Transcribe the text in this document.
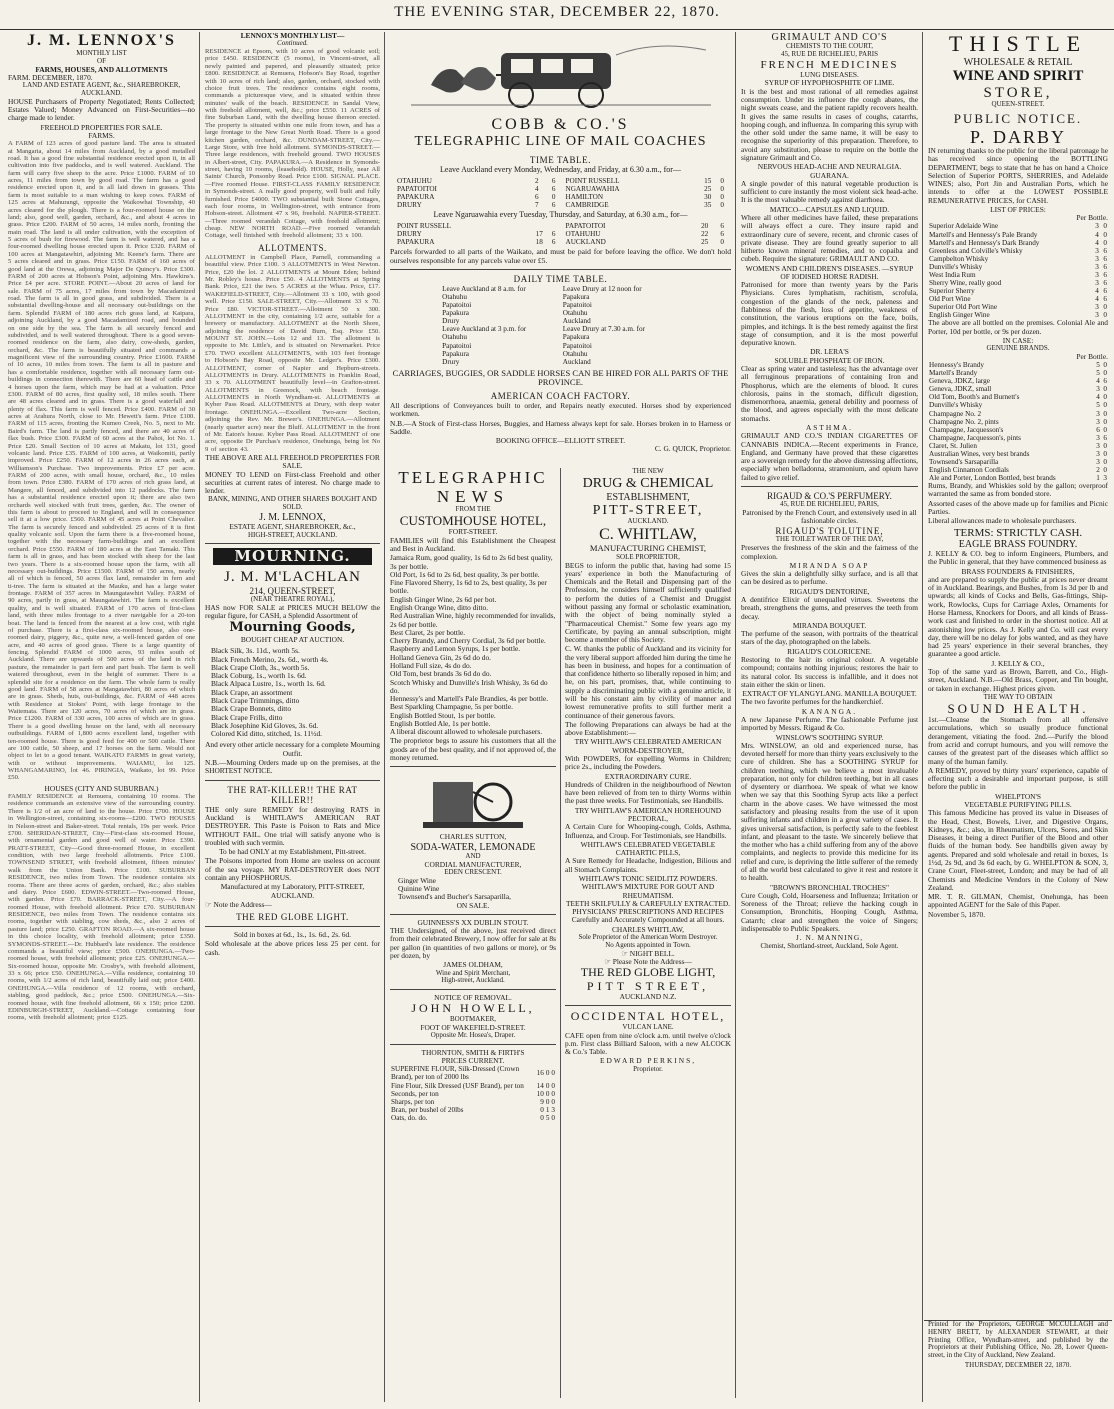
THE EVENING STAR, DECEMBER 22, 1870.
J. M. LENNOX'S
MONTHLY LIST
OF
FARMS, HOUSES, AND ALLOTMENTS
FARM. DECEMBER, 1870.
LAND AND ESTATE AGENT, &c., SHAREBROKER, AUCKLAND.

HOUSE Purchasers of Property Negotiated; Rents Collected; Estates Valued; Money Advanced on First-Securities—no charge made to lender.

FREEHOLD PROPERTIES FOR SALE.
FARMS.

A FARM of 123 acres of good pasture land. The area is situated at Mangaria, about 14 miles from Auckland, by a good metalled road. It has a good fine substantial residence erected upon it, in all cultivation into five paddocks, and is well watered. Auckland. The farm will carry five sheep to the acre. Price £1000. FARM of 10 acres, 11 miles from town by good road. The farm has a good residence erected upon it, and is all laid down in grasses. This farm is most suitable to a man wishing to keep cows. FARM of 125 acres at Mahurangi, opposite the Waikowhai Township, 40 acres cleared for the plough. There is a four-roomed house on the land; also, good well, garden, orchard, &c., and about 4 acres in grass. Price £200. FARM of 50 acres, 14 miles north, fronting the main road. The land is all under cultivation, with the exception of 5 acres of bush for firewood. The farm is well watered, and has a four-roomed dwelling house erected upon it. Price £320. FARM of 100 acres at Mangatawhiri, adjoining Mr. Keene's farm. There are 5 acres cleared and in grass. Price £150. FARM of 160 acres of good land at the Orewa, adjoining Major De Quincy's. Price £300. FARM of 200 acres at Hobson's Point, adjoining Mrs. Hawkins's. Price £4 per acre. STORE POINT.—About 20 acres of land for sale. FARM of 75 acres, 17 miles from town by Macadamized road. The farm is all in good grass, and subdivided. There is a substantial dwelling-house and all necessary out-buildings on the farm. Splendid FARM of 180 acres rich grass land, at Kaipara, adjoining Auckland, by a good Macadamized road, and bounded on one side by the sea. The farm is all securely fenced and subdivided, and is well watered throughout. There is a good seven-roomed residence on the farm, also dairy, cow-sheds, garden, orchard, &c. The farm is beautifully situated and commands a magnificent view of the surrounding country. Price £1600. FARM of 10 acres, 10 miles from town. The farm is all in pasture and has a comfortable residence, together with all necessary farm out-buildings in connection therewith. There are 60 head of cattle and 4 horses upon the farm, which may be had at a valuation. Price £300. FARM of 80 acres, first quality soil, 18 miles south. There are 48 acres cleared and in grass. There is a good waterfall and plenty of flax. This farm is well fenced. Price £400. FARM of 30 acres at Arahura North, close to Mr. Hewett's farm. Price £100. FARM of 115 acres, fronting the Kumeo Creek, No. 5, next to Mr. Baird's farm. The land is partly fenced, and there are 40 acres of flax bush. Price £300. FARM of 60 acres at the Pahoi, lot No. 1. Price £20. Small Section of 10 acres at Makatu, lot 131, good volcanic land. Price £35. FARM of 100 acres, at Waikomiti, partly improved. Price £250. FARM of 12 acres in 26 acres each, at Williamson's Purchase. Two improvements. Price £7 per acre. FARM of 200 acres, with small house, orchard, &c., 10 miles from town. Price £380. FARM of 170 acres of rich grass land, at Mangere, all fenced, and subdivided into 12 paddocks. The farm has a substantial residence erected upon it; there are also two orchards well stocked with fruit trees, garden, &c. The owner of this farm is about to proceed to England, and will in consequence sell it at a low price. £560. FARM of 45 acres at Point Chevalier. The farm is securely fenced and subdivided. 25 acres of it is first quality volcanic soil. Upon the farm there is a five-roomed house, together with the necessary farm-buildings and an excellent orchard. Price £550. FARM of 180 acres at the East Tamaki. This farm is all in grass, and has been stocked with sheep for the last two years. There is a six-roomed house upon the farm, with all necessary out-buildings. Price £1500. FARM of 150 acres, nearly all of which is fenced, 50 acres flax land, remainder in fern and ti-tree. The farm is situated at the Mauku, and has a large water frontage. FARM of 357 acres in Maungatawhiri Valley. FARM of 90 acres, partly in grass, at Maungatawhiri. The farm is excellent quality, and is well situated. FARM of 170 acres of first-class land, with three miles frontage to a river navigable for a 20-ton boat. The land is fenced from the nearest at a low cost, with right of purchase. There is a first-class six-roomed house, also one-roomed dairy, piggery, &c., quite new, a well-fenced garden of one acre, and 40 acres of good grass. There is a large quantity of fencing. Splendid FARM of 1000 acres, 93 miles south of Auckland. There are upwards of 500 acres of the land in rich pasture, the remainder is part fern and part bush. The farm is well watered throughout, even in the height of summer. There is a splendid site for a residence on the farm. The whole farm is really good land. FARM of 58 acres at Mangatawhiri, 80 acres of which are in grass. Sheds, huts, out-buildings, &c. FARM of 448 acres with Residence at Stokes' Point, with large frontage to the Waitemata. There are 120 acres, 70 acres of which are in grass. Price £1200. FARM of 330 acres, 100 acres of which are in grass. There is a good dwelling house on the land, with all necessary outbuildings. FARM of 1,800 acres excellent land, together with ten-roomed house. There is good feed for 400 or 500 cattle. There are 100 cattle, 50 sheep, and 17 horses on the farm. Would not object to let to a good tenant. WAIKATO FARMS in great variety, with or without improvements. WAIAMU, lot 125. WHANGAMARINO, lot 46. PIRINGIA, Waikato, lot 99. Price £50.

HOUSES (CITY AND SUBURBAN.)

FAMILY RESIDENCE at Remuera, containing 10 rooms. The residence commands an extensive view of the surrounding country. There is 1/2 of an acre of land to the house. Price £700. HOUSE in Wellington-street, containing six-rooms—£200. TWO HOUSES in Nelson-street and Baker-street. Total rentals, 19s per week. Price £700. SHERIDAN-STREET, City—First-class six-roomed House, with ornamental garden and good well of water. Price £390. PRATT-STREET, City—Good three-roomed House, in excellent condition, with two large freehold allotments. Price £100. TOWNSEND STREET, with freehold allotment, fifteen minutes' walk from the Union Bank. Price £100. SUBURBAN RESIDENCE, two miles from Town. The residence contains six rooms. There are three acres of garden, orchard, &c.; also stables and dairy. Price £600. EDWIN-STREET.—Two-roomed House, with garden. Price £70. BARRACK-STREET, City.—A four-roomed House, with freehold allotment. Price £70. SUBURBAN RESIDENCE, two miles from Town. The residence contains six rooms, together with stabling, cow sheds, &c., also 2 acres of pasture land; price £250. GRAFTON ROAD.—A six-roomed house in this choice locality, with freehold allotment; price £350. SYMONDS-STREET.—Dr. Hubbard's late residence. The residence commands a beautiful view; price £500. ONEHUNGA.—Two-roomed house, with freehold allotment; price £25. ONEHUNGA.—Six-roomed house, opposite Mr. Crosby's, with freehold allotment, 33 x 66; price £50. ONEHUNGA.—Villa residence, containing 10 rooms, with 1/2 acres of rich land, beautifully laid out; price £400. ONEHUNGA.—Villa residence of 12 rooms, with orchard, stabling, good paddock, &c.; price £500. ONEHUNGA.—Six-roomed house, with fine freehold allotment, 66 x 150; price £200. EDINBURGH-STREET, Auckland.—Cottage containing four rooms, with freehold allotment; price £125.

LENNOX'S MONTHLY LIST—
Continued.

RESIDENCE at Epsom, with 10 acres of good volcanic soil; price £450. RESIDENCE (5 rooms), in Vincent-street, all newly painted and papered, and pleasantly situated; price £800. RESIDENCE at Remuera, Hobson's Bay Road, together with 10 acres of rich land; also, garden, orchard, stocked with choice fruit trees. The residence contains eight rooms, commands a picturesque view, and is situated within three minutes' walk of the beach. RESIDENCE in Sandal View, with freehold allotment, well, &c.; price £550. 11 ACRES of fine Suburban Land, with the dwelling house thereon erected. The property is situated within one mile from town, and has a large frontage to the New Great North Road. There is a good kitchen garden, orchard, &c. DUNDAM-STREET, City.—Large Store, with free hold allotment. SYMONDS-STREET.—Three large residences, with freehold ground. TWO HOUSES in Albert-street, City. PAPAKURA.—A Residence in Symonds-street, having 10 rooms, (leasehold). HOUSE, Holly, near All Saints' Church, Ponsonby Road. Price £100. SIGNAL PLACE.—Five roomed House. FIRST-CLASS FAMILY RESIDENCE in Symonds-street. A really good property, well built and fully furnished. Price £4000. TWO substantial built Stone Cottages, each four rooms, in Wellington-street, with entrance from Hobson-street. Allotment 47 x 96, freehold. NAPIER-STREET.—Three roomed verandah Cottage, with freehold allotment; cheap. NEW NORTH ROAD.—Five roomed verandah Cottage, well finished with freehold allotment; 33 x 100.

ALLOTMENTS.

ALLOTMENT in Campbell Place, Parnell, commanding a beautiful view. Price £100. 3 ALLOTMENTS in West Newton. Price, £20 the lot. 2 ALLOTMENTS at Mount Eden; behind Mr. Robley's house. Price £50. 4 ALLOTMENTS at Spring Bank. Price, £21 the two. 5 ACRES at the Whau. Price, £17. WAKEFIELD-STREET, City.—Allotment 33 x 100, with good well. Price £150. SALE-STREET, City.—Allotment 33 x 70. Price £80. VICTOR-STREET.—Allotment 50 x 300. ALLOTMENT in the city, containing 1/2 acre, suitable for a brewery or manufactory. ALLOTMENT at the North Shore, adjoining the residence of David Burn, Esq. Price £50. MOUNT ST. JOHN.—Lots 12 and 13. The allotment is opposite to Mr. Little's, and is situated on Newmarket. Price £70. TWO excellent ALLOTMENTS, with 103 feet frontage to Hobson's Bay Road, opposite Mr. Ledger's. Price £300. ALLOTMENT, corner of Napier and Hepburn-streets. ALLOTMENTS in Drury. ALLOTMENTS in Franklin Road, 33 x 70. ALLOTMENT beautifully level—in Grafton-street. ALLOTMENTS in Greenock, with beach frontage. ALLOTMENTS in North Wyndham-st. ALLOTMENTS at Kyber Pass Road. ALLOTMENTS at Drury, with deep water frontage. ONEHUNGA.—Excellent Two-acre Section, adjoining the Rev. Mr. Brewer's. ONEHUNGA.—Allotment (nearly quarter acre) near the Bluff. ALLOTMENT in the front of Mr. Eaton's house. Kyber Pass Road. ALLOTMENT of one acre, opposite Dr Purchas's residence, Onehunga, being lot No 9 of section 43.

THE ABOVE ARE ALL FREEHOLD PROPERTIES FOR SALE.

MONEY TO LEND on First-class Freehold and other securities at current rates of interest. No charge made to lender.

BANK, MINING, AND OTHER SHARES BOUGHT AND SOLD.
J. M. LENNOX,
ESTATE AGENT, SHAREBROKER, &c.,
HIGH-STREET, AUCKLAND.
MOURNING.
J. M. M'LACHLAN
214, QUEEN-STREET,
(NEAR THEATRE ROYAL),

HAS now FOR SALE at PRICES MUCH BELOW the regular figure, for CASH, a Splendid Assortment of

Mourning Goods,
BOUGHT CHEAP AT AUCTION.
Black Silk, 3s. 11d., worth 5s.
Black French Merino, 2s. 6d., worth 4s.
Black Crape Cloth, 3s., worth 5s.
Black Coburg, 1s., worth 1s. 6d.
Black Alpaca Lustre, 1s., worth 1s. 6d.
Black Crape, an assortment
Black Crape Trimmings, ditto
Black Crape Bonnets, ditto
Black Crape Frills, ditto
Black Josephine Kid Gloves, 3s. 6d.
Colored Kid ditto, stitched, 1s. 11½d.

And every other article necessary for a complete Mourning Outfit.

N.B.—Mourning Orders made up on the premises, at the SHORTEST NOTICE.

THE RAT-KILLER!! THE RAT KILLER!!

THE only sure REMEDY for destroying RATS in Auckland is WHITLAW'S AMERICAN RAT DESTROYER. This Paste is Poison to Rats and Mice WITHOUT FAIL. One trial will satisfy anyone who is troubled with such vermin.

To be had ONLY at my Establishment, Pitt-street.

The Poisons imported from Home are useless on account of the sea voyage. MY RAT-DESTROYER does NOT contain any PHOSPHORUS.

Manufactured at my Laboratory, PITT-STREET, AUCKLAND.

☞ Note the Address—
THE RED GLOBE LIGHT.

Sold in boxes at 6d., 1s., 1s. 6d., 2s. 6d.

Sold wholesale at the above prices less 25 per cent. for cash.

COBB & CO.'S
TELEGRAPHIC LINE OF MAIL COACHES
TIME TABLE.
Leave Auckland every Monday, Wednesday, and Friday, at 6.30 a.m., for—
OTAHUHU	2	6
PAPATOITOI	4	6
PAPAKURA	6	0
DRURY	7	6
POINT RUSSELL	15	0
NGARUAWAHIA	25	0
HAMILTON	30	0
CAMBRIDGE	35	0
Leave Ngaruawahia every Tuesday, Thursday, and Saturday, at 6.30 a.m., for—
POINT RUSSELL		
DRURY	17	6
PAPAKURA	18	6
PAPATOITOI	20	6
OTAHUHU	22	6
AUCKLAND	25	0

Parcels forwarded to all parts of the Waikato, and must be paid for before leaving the office. We don't hold ourselves responsible for any parcels value over £5.

DAILY TIME TABLE.
Leave Auckland at 8 a.m. for	Leave Drury at 12 noon for
Otahuhu	Papakura
Papatoitoi	Papatoitoi
Papakura	Otahuhu
Drury	Auckland
Leave Auckland at 3 p.m. for	Leave Drury at 7.30 a.m. for
Otahuhu	Papakura
Papatoitoi	Papatoitoi
Papakura	Otahuhu
Drury	Auckland
CARRIAGES, BUGGIES, OR SADDLE HORSES CAN BE HIRED FOR ALL PARTS OF THE PROVINCE.
AMERICAN COACH FACTORY.

All descriptions of Conveyances built to order, and Repairs neatly executed. Horses shod by experienced workmen.

N.B.—A Stock of First-class Horses, Buggies, and Harness always kept for sale. Horses broken in to Harness or Saddle.

BOOKING OFFICE—ELLIOTT STREET.
C. G. QUICK, Proprietor.
TELEGRAPHIC
NEWS
FROM THE
CUSTOMHOUSE HOTEL,
FORT-STREET.

FAMILIES will find this Establishment the Cheapest and Best in Auckland.

Jamaica Rum, good quality, 1s 6d to 2s 6d best quality, 3s per bottle.
Old Port, 1s 6d to 2s 6d, best quality, 3s per bottle.
Fine Flavored Sherry, 1s 6d to 2s, best quality, 3s per bottle.
English Ginger Wine, 2s 6d per bot.
English Orange Wine, ditto ditto.
Red Australian Wine, highly recommended for invalids, 2s 6d per bottle.
Best Claret, 2s per bottle.
Cherry Brandy, and Cherry Cordial, 3s 6d per bottle.
Raspberry and Lemon Syrups, 1s per bottle.
Holland Geneva Gin, 2s 6d do do.
Holland Full size, 4s do do.
Old Tom, best brands 3s 6d do do.
Scotch Whisky and Dunville's Irish Whisky, 3s 6d do do.
Hennessy's and Martell's Pale Brandies, 4s per bottle.
Best Sparkling Champagne, 5s per bottle.
English Bottled Stout, 1s per bottle.
English Bottled Ale, 1s per bottle.

A liberal discount allowed to wholesale purchasers.

The proprietor begs to assure his customers that all the goods are of the best quality, and if not approved of, the money returned.

CHARLES SUTTON,
SODA-WATER, LEMONADE
AND
CORDIAL MANUFACTURER,
EDEN CRESCENT.
Ginger Wine
Quinine Wine
Townsend's and Bucher's Sarsaparilla,
ON SALE.
GUINNESS'S XX DUBLIN STOUT.

THE Undersigned, of the above, just received direct from their celebrated Brewery, I now offer for sale at 8s per gallon (in quantities of two gallons or more), or 9s per dozen, by

JAMES OLDHAM,
Wine and Spirit Merchant,
High-street, Auckland.
NOTICE OF REMOVAL.
JOHN HOWELL,
BOOTMAKER,
FOOT OF WAKEFIELD-STREET.
Opposite Mr. Hosea's, Draper.
THORNTON, SMITH & FIRTH'S
PRICES CURRENT.
SUPERFINE FLOUR, Silk-Dressed (Crown Brand), per ton of 2000 lbs	16	0	0
Fine Flour, Silk Dressed (USF Brand), per ton	14	0	0
Seconds, per ton	10	0	0
Sharps, per ton	9	0	0
Bran, per bushel of 20lbs	0	1	3
Oats, do. do.	0	5	0
THE NEW
DRUG & CHEMICAL
ESTABLISHMENT,
PITT-STREET,
AUCKLAND.
C. WHITLAW,
MANUFACTURING CHEMIST,
SOLE PROPRIETOR,

BEGS to inform the public that, having had some 15 years' experience in both the Manufacturing of Chemicals and the Retail and Dispensing part of the Profession, he considers himself sufficiently qualified to perform the duties of a Chemist and Druggist without passing any formal or scholastic examination, with the object of being nominally styled a "Pharmaceutical Chemist." Some few years ago my Certificate, by paying an annual subscription, might become a member of this Society.

C. W. thanks the public of Auckland and its vicinity for the very liberal support afforded him during the time he has been in business, and hopes for a continuation of that confidence hitherto so liberally reposed in him; and he, on his part, promises, that, while continuing to supply a discriminating public with a genuine article, it will be his constant aim by civility of manner and lowest remunerative profits to still further merit a continuance of their generous favors.

The following Preparations can always be had at the above Establishment:—

TRY WHITLAW'S CELEBRATED AMERICAN WORM-DESTROYER,

With POWDERS, for expelling Worms in Children; price 2s., including the Powders.

EXTRAORDINARY CURE.

Hundreds of Children in the neighbourhood of Newton have been relieved of from ten to thirty Worms within the past three weeks. For Testimonials, see Handbills.

TRY WHITLAW'S AMERICAN HOREHOUND PECTORAL,

A Certain Cure for Whooping-cough, Colds, Asthma, Influenza, and Croup. For Testimonials, see Handbills.

WHITLAW'S CELEBRATED VEGETABLE CATHARTIC PILLS,

A Sure Remedy for Headache, Indigestion, Bilious and all Stomach Complaints.

WHITLAW'S TONIC SEIDLITZ POWDERS.
WHITLAW'S MIXTURE FOR GOUT AND RHEUMATISM.
TEETH SKILFULLY & CAREFULLY EXTRACTED.
PHYSICIANS' PRESCRIPTIONS AND RECIPES

Carefully and Accurately Compounded at all hours.

CHARLES WHITLAW,
Sole Proprietor of the American Worm Destroyer.
No Agents appointed in Town.
☞ NIGHT BELL.
☞ Please Note the Address—
THE RED GLOBE LIGHT,
PITT STREET,
AUCKLAND N.Z.
OCCIDENTAL HOTEL,
VULCAN LANE.

CAFE open from nine o'clock a.m. until twelve o'clock p.m. First class Billiard Saloon, with a new ALCOCK & Co.'s Table.

EDWARD PERKINS,
Proprietor.
GRIMAULT AND CO'S
CHEMISTS TO THE COURT,
45, RUE DE RICHELIEU, PARIS
FRENCH MEDICINES
LUNG DISEASES.
SYRUP OF HYPOPHOSPHITE OF LIME.

It is the best and most rational of all remedies against consumption. Under its influence the cough abates, the night sweats cease, and the patient rapidly recovers health. It gives the same results in cases of coughs, catarrhs, hooping cough, and influenza. In comparing this syrup with the other sold under the same name, it will be easy to recognise the superiority of this preparation. Therefore, to avoid any substitution, please to require on the bottle the signature Grimault and Co.

NERVOUS HEAD-ACHE AND NEURALGIA.
GUARANA.

A single powder of this natural vegetable production is sufficient to cure instantly the most violent sick head-ache. It is the most valuable remedy against diarrhoea.

MATICO—CAPSULES AND LIQUID.

Where all other medicines have failed, these preparations will always effect a cure. They insure rapid and extraordinary cure of severe, recent, and chronic cases of private disease. They are found greatly superior to all hitherto known mineral remedies, and to copaiba and cubeb. Require the signature: GRIMAULT AND CO.

WOMEN'S AND CHILDREN'S DISEASES. —SYRUP OF IODISED HORSE RADISH.

Patronised for more than twenty years by the Paris Physicians. Cures lymphatism, rachitism, scrofula, congestion of the glands of the neck, paleness and flabbiness of the flesh, loss of appetite, weakness of constitution, the various eruptions on the face, boils, pimples, and itchings. It is the best remedy against the first stage of consumption, and it is the most powerful depurative known.

DR. LERA'S
SOLUBLE PHOSPHATE OF IRON.

Clear as spring water and tasteless; has the advantage over all ferruginous preparations of containing Iron and Phosphorus, which are the elements of blood. It cures chlorosis, pains in the stomach, difficult digestion, dismenorrhoea, anaemia, general debility and poorness of the blood, and agrees especially with the most delicate stomachs.

ASTHMA.

GRIMAULT AND CO.'S INDIAN CIGARETTES OF CANNABIS INDICA.—Recent experiments in France, England, and Germany have proved that these cigarettes are a sovereign remedy for the above distressing affections, especially when belladonna, stramonium, and opium have failed to give relief.

RIGAUD & CO.'S PERFUMERY.
45, RUE DE RICHELIEU, PARIS,

Patronised by the French Court, and extensively used in all fashionable circles.

RIGAUD'S TOLUTINE,
THE TOILET WATER OF THE DAY,

Preserves the freshness of the skin and the fairness of the complexion.

MIRANDA SOAP

Gives the skin a delightfully silky surface, and is all that can be desired as to perfume.

RIGAUD'S DENTORINE,

A dentifrice Elixir of unequalled virtues. Sweetens the breath, strengthens the gums, and preserves the teeth from decay.

MIRANDA BOUQUET.

The perfume of the season, with portraits of the theatrical stars of the day, photographed on the labels.

RIGAUD'S COLORICENE.

Restoring to the hair its original colour. A vegetable compound; contains nothing injurious; restores the hair to its natural color. Its success is infallible, and it does not stain either the skin or linen.

EXTRACT OF YLANGYLANG. MANILLA BOUQUET.

The two favorite perfumes for the handkerchief.

KANANGA.

A new Japanese Perfume. The fashionable Perfume just imported by Messrs. Rigaud & Co.

WINSLOW'S SOOTHING SYRUP.

Mrs. WINSLOW, an old and experienced nurse, has devoted herself for more than thirty years exclusively to the cure of children. She has a SOOTHING SYRUP for children teething, which we believe a most invaluable preparation, not only for children teething, but in all cases of dysentery or diarrhoea. We speak of what we know when we say that this Soothing Syrup acts like a perfect charm in the above cases. We have witnessed the most satisfactory and pleasing results from the use of it upon suffering infants and children in a great variety of cases. It gives universal satisfaction, is perfectly safe to the feeblest infant, and pleasant to the taste. We sincerely believe that the mother who has a child suffering from any of the above complaints, and neglects to provide this medicine for its relief and cure, is depriving the little sufferer of the remedy of all the world best calculated to give it rest and restore it to health.

"BROWN'S BRONCHIAL TROCHES"

Cure Cough, Cold, Hoarseness and Influenza; Irritation or Soreness of the Throat; relieve the hacking cough in Consumption, Bronchitis, Hooping Cough, Asthma, Catarrh; clear and strengthen the voice of Singers; indispensable to Public Speakers.

J. N. MANNING,
Chemist, Shortland-street, Auckland, Sole Agent.
THISTLE
WHOLESALE & RETAIL
WINE AND SPIRIT
STORE,
QUEEN-STREET.
PUBLIC NOTICE.
P. DARBY

IN returning thanks to the public for the liberal patronage he has received since opening the BOTTLING DEPARTMENT, begs to state that he has on hand a Choice Selection of Superior PORTS, SHERRIES, and Adelaide WINES; also, Port Jin and Australian Ports, which he intends to offer at the LOWEST POSSIBLE REMUNERATIVE PRICES, for CASH.

LIST OF PRICES:
Per Bottle.
Superior Adelaide Wine	3	0
Martell's and Hennessy's Pale Brandy	4	0
Martell's and Hennessy's Dark Brandy	4	0
Greenless and Colville's Whisky	3	6
Campbelton Whisky	3	6
Dunville's Whisky	3	6
West India Rum	3	6
Sherry Wine, really good	3	6
Superior Sherry	4	6
Old Port Wine	4	6
Superior Old Port Wine	3	0
English Ginger Wine	3	0

The above are all bottled on the premises. Colonial Ale and Porter, 10d per bottle, or 9s per dozen.

IN CASE:
GENUINE BRANDS.
Per Bottle.
Hennessy's Brandy	5	0
Martell's Brandy	5	0
Geneva, JDKZ, large	4	6
Geneva, JDKZ, small	3	0
Old Tom, Booth's and Burnett's	4	0
Dunville's Whisky	5	0
Champagne No. 2	3	0
Champagne No. 2, pints	3	0
Champagne, Jacquesson's	6	0
Champagne, Jacquesson's, pints	3	6
Claret, St. Julien	3	0
Australian Wines, very best brands	3	0
Townsend's Sarsaparilla	3	0
English Cinnamon Cordials	2	0
Ale and Porter, London Bottled, best brands	1	3

Rums, Brandy, and Whiskies sold by the gallon; overproof warranted the same as from bonded store.

Assorted cases of the above made up for families and Picnic Parties.

Liberal allowances made to wholesale purchasers.

TERMS: STRICTLY CASH.
EAGLE BRASS FOUNDRY.

J. KELLY & CO. beg to inform Engineers, Plumbers, and the Public in general, that they have commenced business as

BRASS FOUNDERS & FINISHERS,

and are prepared to supply the public at prices never dreamt of in Auckland. Bearings, and Bushes, from 1s 3d per lb and upwards; all kinds of Cocks and Bells, Gas-fittings, Ship-work, Rowlocks, Cups for Carriage Axles, Ornaments for Horse Harness, Knockers for Doors, and all kinds of Brass-work cast and finished to order in the shortest notice. All at astonishing low prices. As J. Kelly and Co. will cast every day, there will be no delay for jobs wanted, and as they have had 25 years' experience in their several branches, they guarantee a good article.

J. KELLY & CO.,

Top of the same yard as Brown, Barrett, and Co., High-street, Auckland. N.B.—Old Brass, Copper, and Tin bought, or taken in exchange. Highest prices given.

THE WAY TO OBTAIN
SOUND HEALTH.

1st.—Cleanse the Stomach from all offensive accumulations, which so usually produce functional derangement, vitiating the food. 2nd.—Purify the blood from acrid and corrupt humours, and you will remove the causes of the greatest part of the diseases which afflict so many of the human family.

A REMEDY, proved by thirty years' experience, capable of effecting such a desirable and important purpose, is still before the public in

WHELPTON'S
VEGETABLE PURIFYING PILLS.

This famous Medicine has proved its value in Diseases of the Head, Chest, Bowels, Liver, and Digestive Organs, Kidneys, &c.; also, in Rheumatism, Ulcers, Sores, and Skin Diseases, it being a direct Purifier of the Blood and other fluids of the human body. See handbills given away by agents. Prepared and sold wholesale and retail in boxes, 1s 1½d, 2s 9d, and 3s 6d each, by G. WHELPTON & SON, 3, Crane Court, Fleet-street, London; and may be had of all Chemists and Medicine Vendors in the Colony of New Zealand.

MR. T. R. GILMAN, Chemist, Onehunga, has been appointed AGENT for the Sale of this Paper.

November 5, 1870.

Printed for the Proprietors, GEORGE MCCULLAGH and HENRY BRETT, by ALEXANDER STEWART, at their Printing Office, Wyndham-street, and published by the Proprietors at their Publishing Office, No. 28, Lower Queen-street, in the City of Auckland, New Zealand.

THURSDAY, DECEMBER 22, 1870.
